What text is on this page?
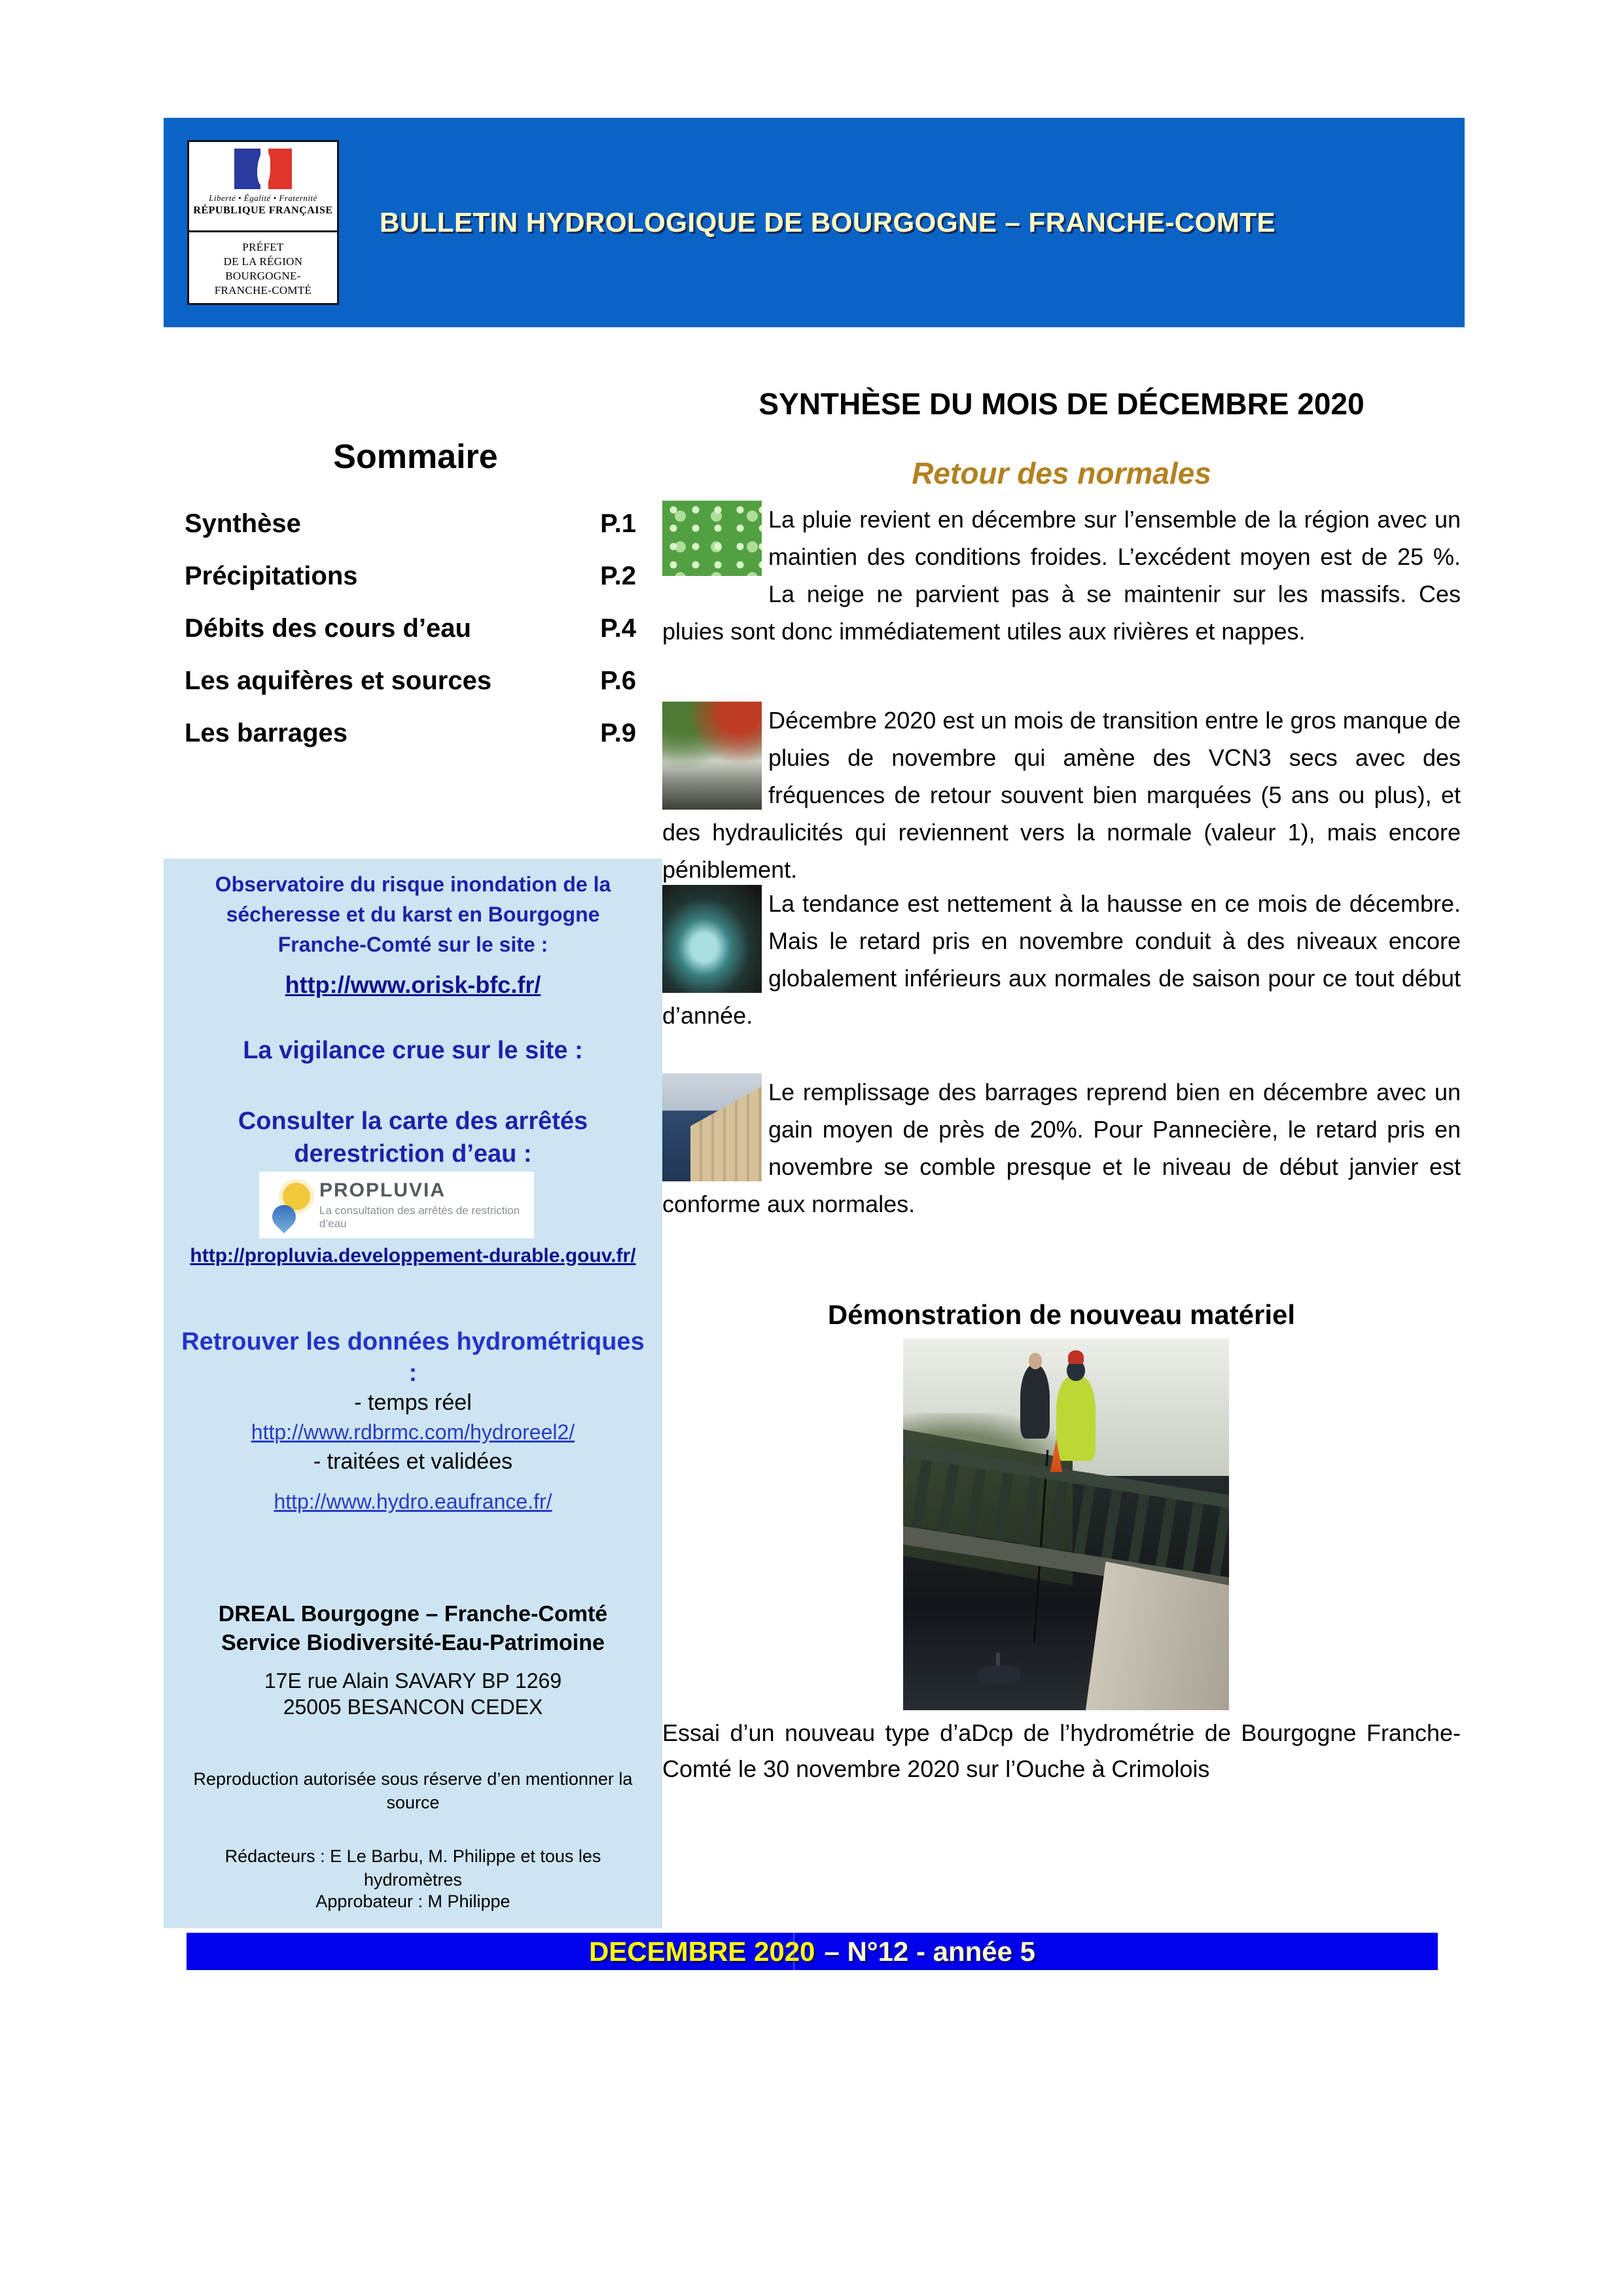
Liberté • Égalité • Fraternité
RÉPUBLIQUE FRANÇAISE
PRÉFET
DE LA RÉGION
BOURGOGNE-
FRANCHE-COMTÉ
BULLETIN HYDROLOGIQUE DE BOURGOGNE – FRANCHE-COMTE
Sommaire
Synthèse	P.1
Précipitations	P.2
Débits des cours d’eau	P.4
Les aquifères et sources	P.6
Les barrages	P.9
SYNTHÈSE DU MOIS DE DÉCEMBRE 2020
Retour des normales

La pluie revient en décembre sur l’ensemble de la région avec un maintien des conditions froides. L’excédent moyen est de 25 %. La neige ne parvient pas à se maintenir sur les massifs. Ces pluies sont donc immédiatement utiles aux rivières et nappes.

Décembre 2020 est un mois de transition entre le gros manque de pluies de novembre qui amène des VCN3 secs avec des fréquences de retour souvent bien marquées (5 ans ou plus), et des hydraulicités qui reviennent vers la normale (valeur 1), mais encore péniblement.

La tendance est nettement à la hausse en ce mois de décembre. Mais le retard pris en novembre conduit à des niveaux encore globalement inférieurs aux normales de saison pour ce tout début d’année.

Le remplissage des barrages reprend bien en décembre avec un gain moyen de près de 20%. Pour Pannecière, le retard pris en novembre se comble presque et le niveau de début janvier est conforme aux normales.

Démonstration de nouveau matériel

Essai d’un nouveau type d’aDcp de l’hydrométrie de Bourgogne Franche-Comté le 30 novembre 2020 sur l’Ouche à Crimolois

Observatoire du risque inondation de la sécheresse et du karst en Bourgogne Franche-Comté sur le site :
http://www.orisk-bfc.fr/
La vigilance crue sur le site :
Consulter la carte des arrêtés derestriction d’eau :
PROPLUVIA
La consultation des arrêtés de restriction d’eau
http://propluvia.developpement-durable.gouv.fr/
Retrouver les données hydrométriques :
- temps réel
http://www.rdbrmc.com/hydroreel2/
- traitées et validées
http://www.hydro.eaufrance.fr/
DREAL Bourgogne – Franche-Comté
Service Biodiversité-Eau-Patrimoine
17E rue Alain SAVARY BP 1269
25005 BESANCON CEDEX
Reproduction autorisée sous réserve d’en mentionner la source
Rédacteurs : E Le Barbu, M. Philippe et tous les hydromètres
Approbateur : M Philippe
DECEMBRE 2020 – N°12 - année 5
